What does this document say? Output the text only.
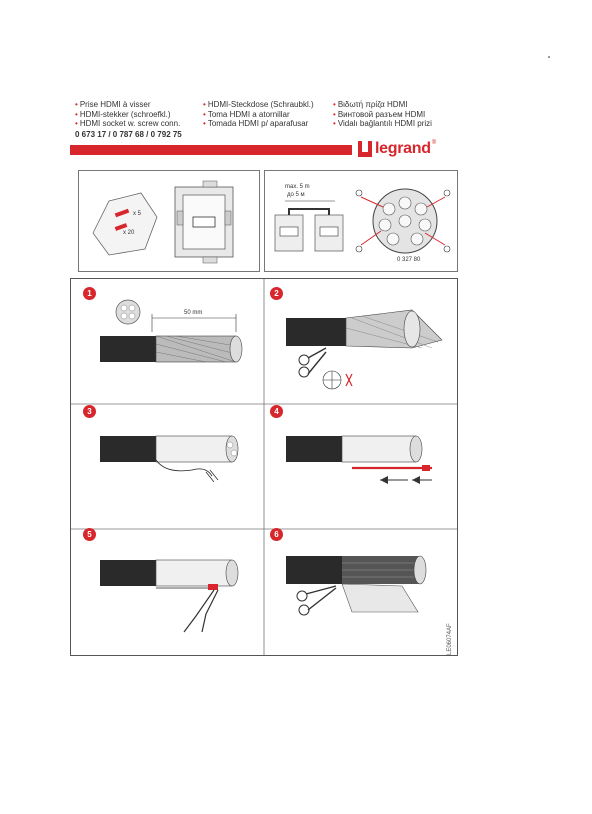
• Prise HDMI à visser
• HDMI-stekker (schroefkl.)
• HDMI socket w. screw conn.
• HDMI-Steckdose (Schraubkl.)
• Toma HDMI a atornillar
• Tomada HDMI p/ aparafusar
• Βιδωτή πρίζα HDMI
• Винтовой разъем HDMI
• Vidalı bağlantılı HDMI prizi
0 673 17 / 0 787 68 / 0 792 75
legrand ®
x 5
x 20
max. 5 m
до 5 м
0 327 80
1
50 mm
2
3	4
5	6
LE06074AF
